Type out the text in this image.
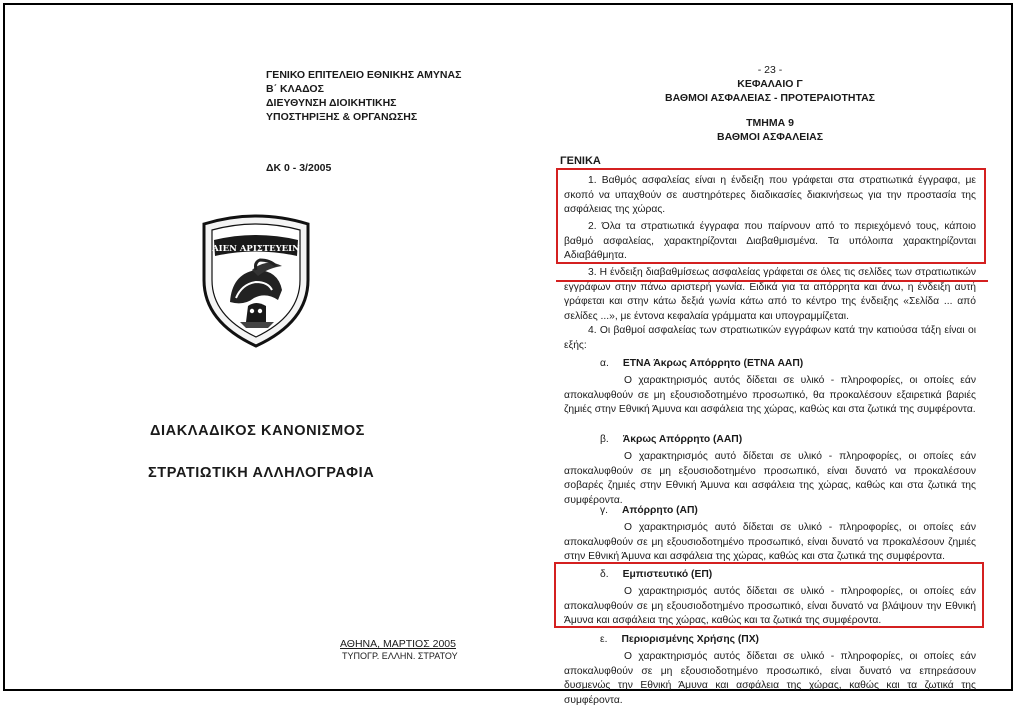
ΓΕΝΙΚΟ ΕΠΙΤΕΛΕΙΟ ΕΘΝΙΚΗΣ ΑΜΥΝΑΣ
Β΄ ΚΛΑΔΟΣ
ΔΙΕΥΘΥΝΣΗ ΔΙΟΙΚΗΤΙΚΗΣ
ΥΠΟΣΤΗΡΙΞΗΣ & ΟΡΓΑΝΩΣΗΣ
ΔΚ 0 - 3/2005
ΑΙΕΝ ΑΡΙΣΤΕΥΕΙΝ
ΔΙΑΚΛΑΔΙΚΟΣ ΚΑΝΟΝΙΣΜΟΣ
ΣΤΡΑΤΙΩΤΙΚΗ ΑΛΛΗΛΟΓΡΑΦΙΑ
ΑΘΗΝΑ, ΜΑΡΤΙΟΣ 2005
ΤΥΠΟΓΡ. ΕΛΛΗΝ. ΣΤΡΑΤΟΥ
- 23 -
ΚΕΦΑΛΑΙΟ Γ
ΒΑΘΜΟΙ ΑΣΦΑΛΕΙΑΣ - ΠΡΟΤΕΡΑΙΟΤΗΤΑΣ
ΤΜΗΜΑ 9
ΒΑΘΜΟΙ ΑΣΦΑΛΕΙΑΣ
ΓΕΝΙΚΑ
1. Βαθμός ασφαλείας είναι η ένδειξη που γράφεται στα στρατιωτικά έγγραφα, με σκοπό να υπαχθούν σε αυστηρότερες διαδικασίες διακινήσεως για την προστασία της ασφάλειας της χώρας.
2. Όλα τα στρατιωτικά έγγραφα που παίρνουν από το περιεχόμενό τους, κάποιο βαθμό ασφαλείας, χαρακτηρίζονται Διαβαθμισμένα. Τα υπόλοιπα χαρακτηρίζονται Αδιαβάθμητα.
3. Η ένδειξη διαβαθμίσεως ασφαλείας γράφεται σε όλες τις σελίδες των στρατιωτικών εγγράφων στην πάνω αριστερή γωνία. Ειδικά για τα απόρρητα και άνω, η ένδειξη αυτή γράφεται και στην κάτω δεξιά γωνία κάτω από το κέντρο της ένδειξης «Σελίδα ... από σελίδες ...», με έντονα κεφαλαία γράμματα και υπογραμμίζεται.
4. Οι βαθμοί ασφαλείας των στρατιωτικών εγγράφων κατά την κατιούσα τάξη είναι οι εξής:
α. ΕΤΝΑ Άκρως Απόρρητο (ΕΤΝΑ ΑΑΠ)
Ο χαρακτηρισμός αυτός δίδεται σε υλικό - πληροφορίες, οι οποίες εάν αποκαλυφθούν σε μη εξουσιοδοτημένο προσωπικό, θα προκαλέσουν εξαιρετικά βαριές ζημιές στην Εθνική Άμυνα και ασφάλεια της χώρας, καθώς και στα ζωτικά της συμφέροντα.
β. Άκρως Απόρρητο (ΑΑΠ)
Ο χαρακτηρισμός αυτό δίδεται σε υλικό - πληροφορίες, οι οποίες εάν αποκαλυφθούν σε μη εξουσιοδοτημένο προσωπικό, είναι δυνατό να προκαλέσουν σοβαρές ζημιές στην Εθνική Άμυνα και ασφάλεια της χώρας, καθώς και στα ζωτικά της συμφέροντα.
γ. Απόρρητο (ΑΠ)
Ο χαρακτηρισμός αυτό δίδεται σε υλικό - πληροφορίες, οι οποίες εάν αποκαλυφθούν σε μη εξουσιοδοτημένο προσωπικό, είναι δυνατό να προκαλέσουν ζημιές στην Εθνική Άμυνα και ασφάλεια της χώρας, καθώς και στα ζωτικά της συμφέροντα.
δ. Εμπιστευτικό (ΕΠ)
Ο χαρακτηρισμός αυτός δίδεται σε υλικό - πληροφορίες, οι οποίες εάν αποκαλυφθούν σε μη εξουσιοδοτημένο προσωπικό, είναι δυνατό να βλάψουν την Εθνική Άμυνα και ασφάλεια της χώρας, καθώς και τα ζωτικά της συμφέροντα.
ε. Περιορισμένης Χρήσης (ΠΧ)
Ο χαρακτηρισμός αυτός δίδεται σε υλικό - πληροφορίες, οι οποίες εάν αποκαλυφθούν σε μη εξουσιοδοτημένο προσωπικό, είναι δυνατό να επηρεάσουν δυσμενώς την Εθνική Άμυνα και ασφάλεια της χώρας, καθώς και τα ζωτικά της συμφέροντα.
